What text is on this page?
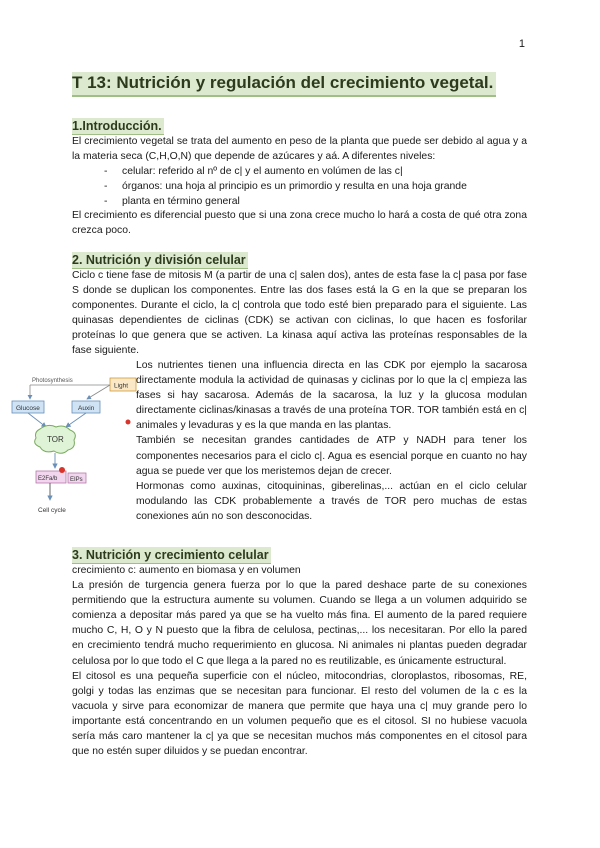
1
T 13: Nutrición y regulación del crecimiento vegetal.
1.Introducción.
El crecimiento vegetal se trata del aumento en peso de la planta que puede ser debido al agua y a la materia seca (C,H,O,N) que depende de azúcares y aá. A diferentes niveles:
- celular: referido al nº de c| y el aumento en volúmen de las c|
- órganos: una hoja al principio es un primordio y resulta en una hoja grande
- planta en término general
El crecimiento es diferencial puesto que si una zona crece mucho lo hará a costa de qué otra zona crezca poco.
2. Nutrición y división celular
Ciclo c tiene fase de mitosis M (a partir de una c| salen dos), antes de esta fase la c| pasa por fase S donde se duplican los componentes. Entre las dos fases está la G en la que se preparan los componentes. Durante el ciclo, la c| controla que todo esté bien preparado para el siguiente. Las quinasas dependientes de ciclinas (CDK) se activan con ciclinas, lo que hacen es fosforilar proteínas lo que genera que se activen. La kinasa aquí activa las proteínas responsables de la fase siguiente.
Photosynthesis
Light
Glucose	Auxin
TOR
E2Fa/b EIPs
Cell cycle

Los nutrientes tienen una influencia directa en las CDK por ejemplo la sacarosa directamente modula la actividad de quinasas y ciclinas por lo que la c| empieza las fases si hay sacarosa. Además de la sacarosa, la luz y la glucosa modulan directamente ciclinas/kinasas a través de una proteína TOR. TOR también está en c| animales y levaduras y es la que manda en las plantas.

También se necesitan grandes cantidades de ATP y NADH para tener los componentes necesarios para el ciclo c|. Agua es esencial porque en cuanto no hay agua se puede ver que los meristemos dejan de crecer.

Hormonas como auxinas, citoquininas, giberelinas,... actúan en el ciclo celular modulando las CDK probablemente a través de TOR pero muchas de estas conexiones aún no son desconocidas.

3. Nutrición y crecimiento celular

crecimiento c: aumento en biomasa y en volumen

La presión de turgencia genera fuerza por lo que la pared deshace parte de su conexiones permitiendo que la estructura aumente su volumen. Cuando se llega a un volumen adquirido se comienza a depositar más pared ya que se ha vuelto más fina. El aumento de la pared requiere mucho C, H, O y N puesto que la fibra de celulosa, pectinas,... los necesitaran. Por ello la pared en crecimiento tendrá mucho requerimiento en glucosa. Ni animales ni plantas pueden degradar celulosa por lo que todo el C que llega a la pared no es reutilizable, es únicamente estructural.

El citosol es una pequeña superficie con el núcleo, mitocondrias, cloroplastos, ribosomas, RE, golgi y todas las enzimas que se necesitan para funcionar. El resto del volumen de la c es la vacuola y sirve para economizar de manera que permite que haya una c| muy grande pero lo importante está concentrando en un volumen pequeño que es el citosol. SI no hubiese vacuola sería más caro mantener la c| ya que se necesitan muchos más componentes en el citosol para que no estén super diluidos y se puedan encontrar.
